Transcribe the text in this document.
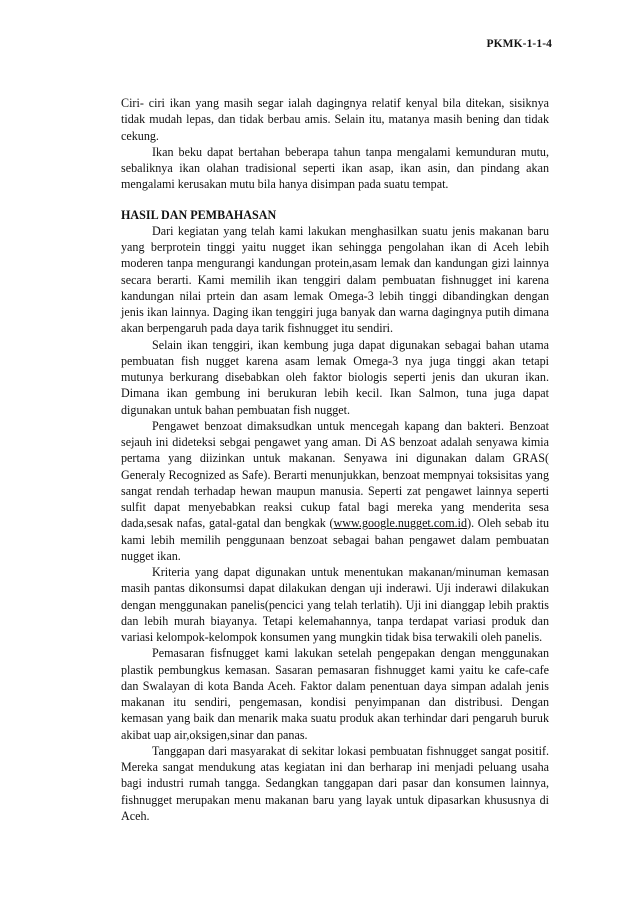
PKMK-1-1-4

Ciri- ciri ikan yang masih segar ialah dagingnya relatif kenyal bila ditekan, sisiknya tidak mudah lepas, dan tidak berbau amis. Selain itu, matanya masih bening dan tidak cekung.

Ikan beku dapat bertahan beberapa tahun tanpa mengalami kemunduran mutu, sebaliknya ikan olahan tradisional seperti ikan asap, ikan asin, dan pindang akan mengalami kerusakan mutu bila hanya disimpan pada suatu tempat.

HASIL DAN PEMBAHASAN

Dari kegiatan yang telah kami lakukan menghasilkan suatu jenis makanan baru yang berprotein tinggi yaitu nugget ikan sehingga pengolahan ikan di Aceh lebih moderen tanpa mengurangi kandungan protein,asam lemak dan kandungan gizi lainnya secara berarti. Kami memilih ikan tenggiri dalam pembuatan fishnugget ini karena kandungan nilai prtein dan asam lemak Omega-3 lebih tinggi dibandingkan dengan jenis ikan lainnya. Daging ikan tenggiri juga banyak dan warna dagingnya putih dimana akan berpengaruh pada daya tarik fishnugget itu sendiri.

Selain ikan tenggiri, ikan kembung juga dapat digunakan sebagai bahan utama pembuatan fish nugget karena asam lemak Omega-3 nya juga tinggi akan tetapi mutunya berkurang disebabkan oleh faktor biologis seperti jenis dan ukuran ikan. Dimana ikan gembung ini berukuran lebih kecil. Ikan Salmon, tuna juga dapat digunakan untuk bahan pembuatan fish nugget.

Pengawet benzoat dimaksudkan untuk mencegah kapang dan bakteri. Benzoat sejauh ini dideteksi sebgai pengawet yang aman. Di AS benzoat adalah senyawa kimia pertama yang diizinkan untuk makanan. Senyawa ini digunakan dalam GRAS( Generaly Recognized as Safe). Berarti menunjukkan, benzoat mempnyai toksisitas yang sangat rendah terhadap hewan maupun manusia. Seperti zat pengawet lainnya seperti sulfit dapat menyebabkan reaksi cukup fatal bagi mereka yang menderita sesa dada,sesak nafas, gatal-gatal dan bengkak (www.google.nugget.com.id). Oleh sebab itu kami lebih memilih penggunaan benzoat sebagai bahan pengawet dalam pembuatan nugget ikan.

Kriteria yang dapat digunakan untuk menentukan makanan/minuman kemasan masih pantas dikonsumsi dapat dilakukan dengan uji inderawi. Uji inderawi dilakukan dengan menggunakan panelis(pencici yang telah terlatih). Uji ini dianggap lebih praktis dan lebih murah biayanya. Tetapi kelemahannya, tanpa terdapat variasi produk dan variasi kelompok-kelompok konsumen yang mungkin tidak bisa terwakili oleh panelis.

Pemasaran fisfnugget kami lakukan setelah pengepakan dengan menggunakan plastik pembungkus kemasan. Sasaran pemasaran fishnugget kami yaitu ke cafe-cafe dan Swalayan di kota Banda Aceh. Faktor dalam penentuan daya simpan adalah jenis makanan itu sendiri, pengemasan, kondisi penyimpanan dan distribusi. Dengan kemasan yang baik dan menarik maka suatu produk akan terhindar dari pengaruh buruk akibat uap air,oksigen,sinar dan panas.

Tanggapan dari masyarakat di sekitar lokasi pembuatan fishnugget sangat positif. Mereka sangat mendukung atas kegiatan ini dan berharap ini menjadi peluang usaha bagi industri rumah tangga. Sedangkan tanggapan dari pasar dan konsumen lainnya, fishnugget merupakan menu makanan baru yang layak untuk dipasarkan khususnya di Aceh.
